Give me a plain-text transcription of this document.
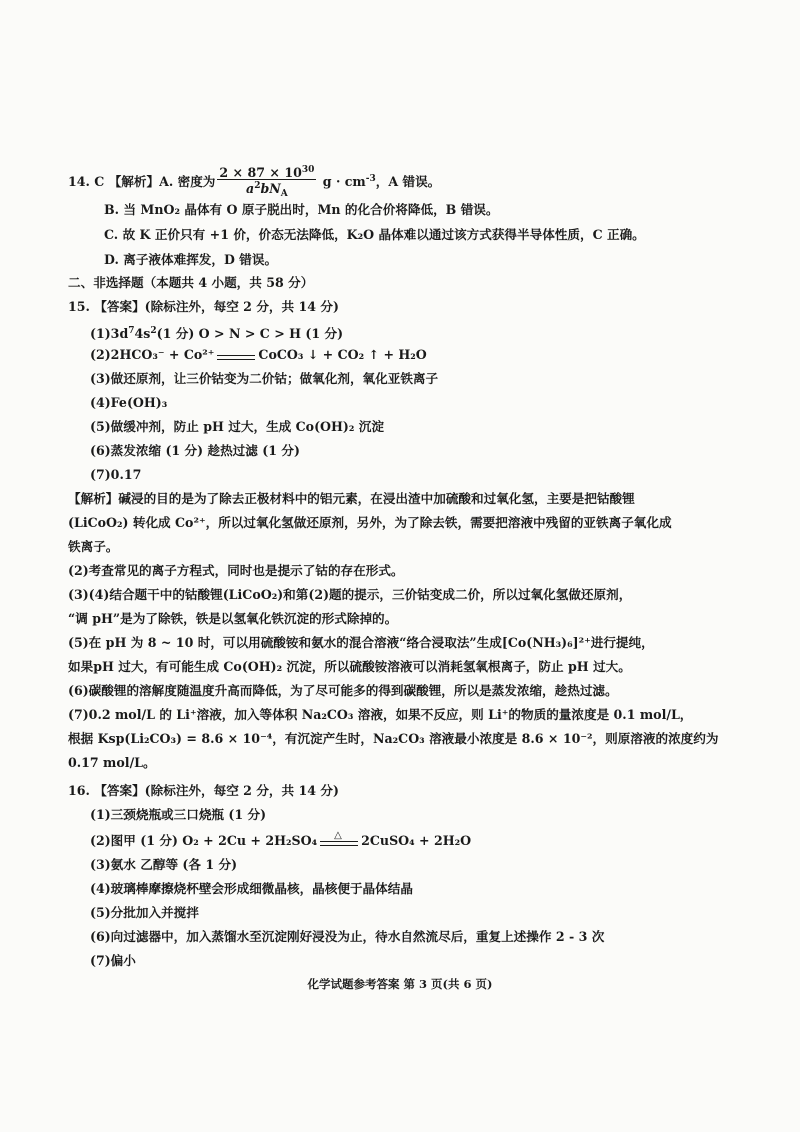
14. C 【解析】A. 密度为 $\frac{2 \times 87 \times 10^{30}}{a^2bN_A}$ $g \cdot cm^{-3}$，A 错误。
B. 当 MnO₂ 晶体有 O 原子脱出时，Mn 的化合价将降低，B 错误。
C. 故 K 正价只有 +1 价，价态无法降低，K₂O 晶体难以通过该方式获得半导体性质，C 正确。
D. 离子液体难挥发，D 错误。
二、非选择题（本题共 4 小题，共 58 分）
15. 【答案】(除标注外，每空 2 分，共 14 分)
$(1)3d^74s^2(1$ 分) O > N > C > H (1 分)
(2)2HCO₃⁻ + Co²⁺	CoCO₃ ↓ + CO₂ ↑ + H₂O
(3)做还原剂，让三价钴变为二价钴；做氧化剂，氧化亚铁离子
(4)Fe(OH)₃
(5)做缓冲剂，防止 pH 过大，生成 Co(OH)₂ 沉淀
(6)蒸发浓缩 (1 分) 趁热过滤 (1 分)
(7)0.17
【解析】碱浸的目的是为了除去正极材料中的铝元素，在浸出渣中加硫酸和过氧化氢，主要是把钴酸锂
(LiCoO₂) 转化成 Co²⁺，所以过氧化氢做还原剂，另外，为了除去铁，需要把溶液中残留的亚铁离子氧化成
铁离子。
(2)考查常见的离子方程式，同时也是提示了钴的存在形式。
(3)(4)结合题干中的钴酸锂(LiCoO₂)和第(2)题的提示，三价钴变成二价，所以过氧化氢做还原剂，
“调 pH”是为了除铁，铁是以氢氧化铁沉淀的形式除掉的。
(5)在 pH 为 8 ~ 10 时，可以用硫酸铵和氨水的混合溶液“络合浸取法”生成[Co(NH₃)₆]²⁺进行提纯，
如果pH 过大，有可能生成 Co(OH)₂ 沉淀，所以硫酸铵溶液可以消耗氢氧根离子，防止 pH 过大。
(6)碳酸锂的溶解度随温度升高而降低，为了尽可能多的得到碳酸锂，所以是蒸发浓缩，趁热过滤。
(7)0.2 mol/L 的 Li⁺溶液，加入等体积 Na₂CO₃ 溶液，如果不反应，则 Li⁺的物质的量浓度是 0.1 mol/L，
根据 Ksp(Li₂CO₃) = 8.6 × 10⁻⁴，有沉淀产生时，Na₂CO₃ 溶液最小浓度是 8.6 × 10⁻²，则原溶液的浓度约为
0.17 mol/L。
16. 【答案】(除标注外，每空 2 分，共 14 分)
(1)三颈烧瓶或三口烧瓶 (1 分)
(2)图甲 (1 分) O₂ + 2Cu + 2H₂SO₄ △ 2CuSO₄ + 2H₂O
(3)氨水 乙醇等 (各 1 分)
(4)玻璃棒摩擦烧杯壁会形成细微晶核，晶核便于晶体结晶
(5)分批加入并搅拌
(6)向过滤器中，加入蒸馏水至沉淀刚好浸没为止，待水自然流尽后，重复上述操作 2 - 3 次
(7)偏小
化学试题参考答案 第 3 页(共 6 页)
